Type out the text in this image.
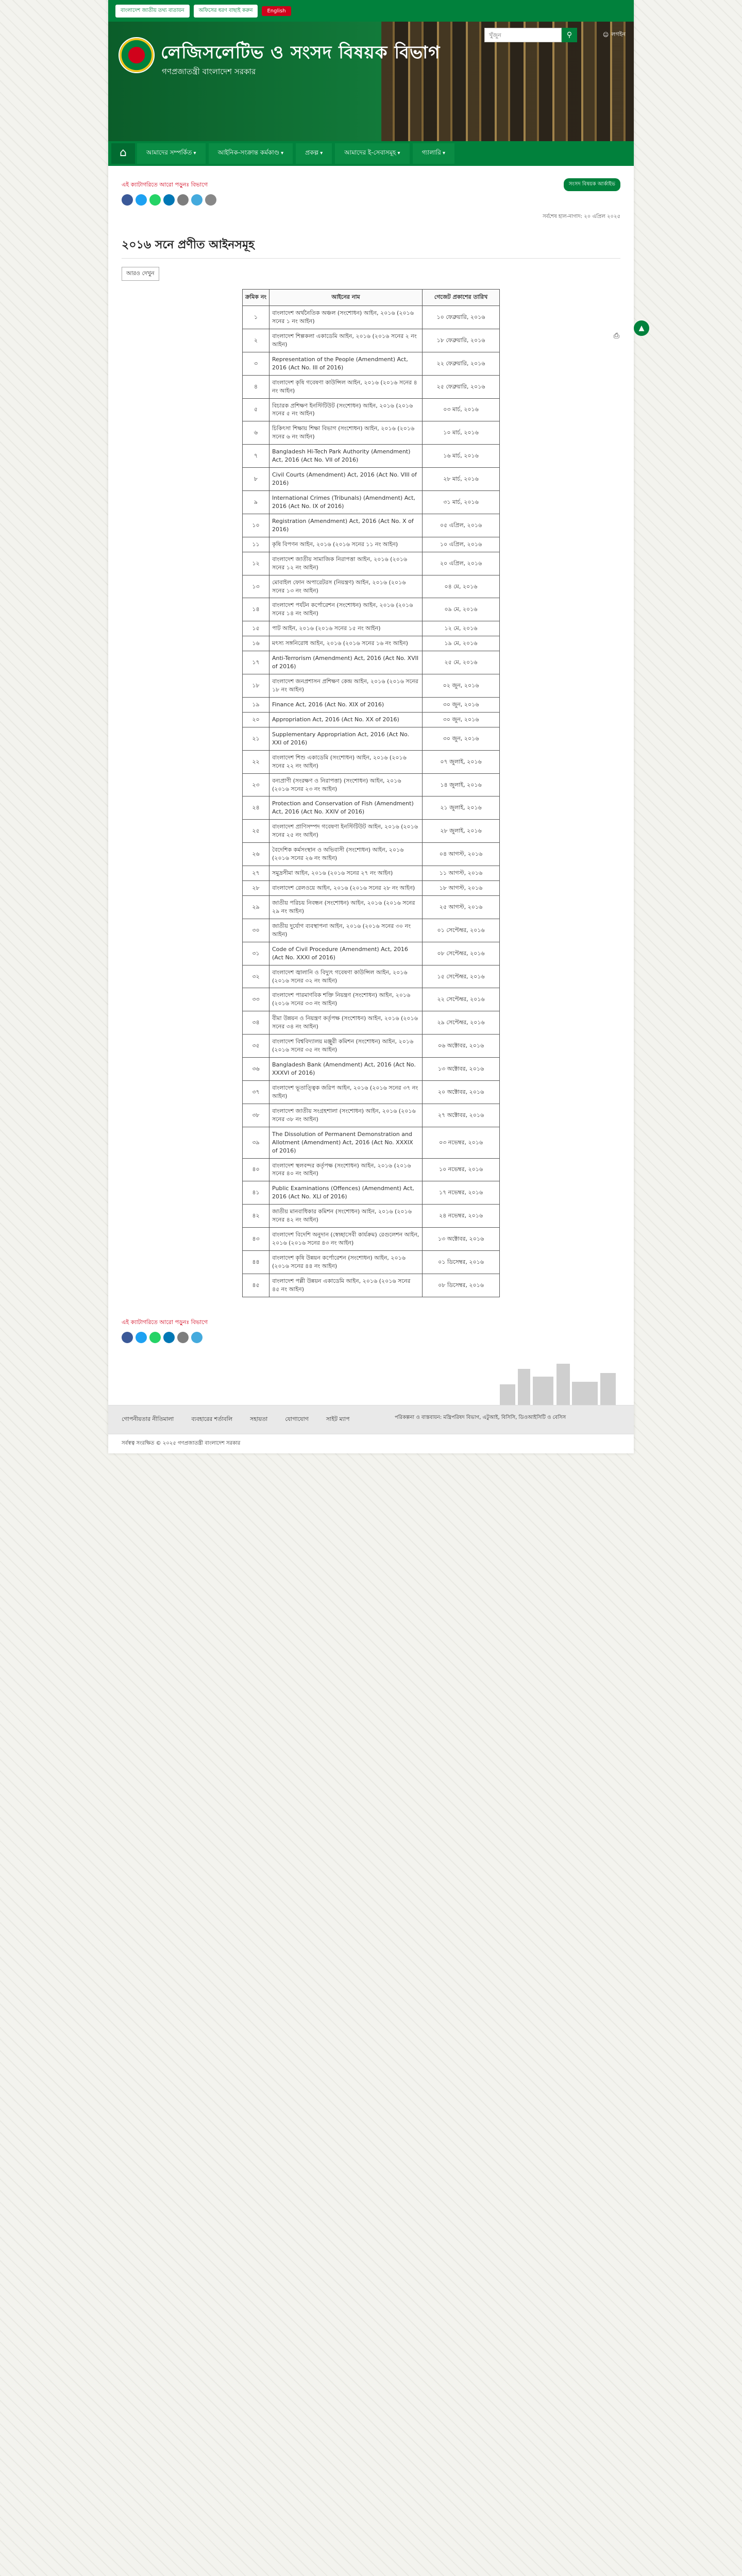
বাংলাদেশ জাতীয় তথ্য বাতায়ন	অফিসের ধরণ বাছাই করুন	English
লেজিসলেটিভ ও সংসদ বিষয়ক বিভাগ
গণপ্রজাতন্ত্রী বাংলাদেশ সরকার
খুঁজুন
⚲	☺ লগইন
⌂	আমাদের সম্পর্কিত ▾	আইনিক-সংক্রান্ত কর্মকাণ্ড ▾	প্রকল্প ▾	আমাদের ই-সেবাসমূহ ▾	গ্যালারি ▾
▲
এই ক্যাটাগরিতে আরো পড়ুনঃ বিভাগে	সংসদ বিষয়ক আর্কাইভ
সর্বশেষ হাল-নাগাদ: ২০ এপ্রিল ২০২৫
২০১৬ সনে প্রণীত আইনসমূহ
⎙
আরও দেখুন
ক্রমিক নং	আইনের নাম	গেজেট প্রকাশের তারিখ
১	বাংলাদেশ অর্থনৈতিক অঞ্চল (সংশোধন) আইন, ২০১৬ (২০১৬ সনের ১ নং আইন)	১০ ফেব্রুয়ারি, ২০১৬
২	বাংলাদেশ শিল্পকলা একাডেমি আইন, ২০১৬ (২০১৬ সনের ২ নং আইন)	১৮ ফেব্রুয়ারি, ২০১৬
৩	Representation of the People (Amendment) Act, 2016 (Act No. III of 2016)	২২ ফেব্রুয়ারি, ২০১৬
৪	বাংলাদেশ কৃষি গবেষণা কাউন্সিল আইন, ২০১৬ (২০১৬ সনের ৪ নং আইন)	২৫ ফেব্রুয়ারি, ২০১৬
৫	বিচারক প্রশিক্ষণ ইনস্টিটিউট (সংশোধন) আইন, ২০১৬ (২০১৬ সনের ৫ নং আইন)	০৩ মার্চ, ২০১৬
৬	চিকিৎসা শিক্ষায় শিক্ষা বিভাগ (সংশোধন) আইন, ২০১৬ (২০১৬ সনের ৬ নং আইন)	১০ মার্চ, ২০১৬
৭	Bangladesh Hi-Tech Park Authority (Amendment) Act, 2016 (Act No. VII of 2016)	১৬ মার্চ, ২০১৬
৮	Civil Courts (Amendment) Act, 2016 (Act No. VIII of 2016)	২৮ মার্চ, ২০১৬
৯	International Crimes (Tribunals) (Amendment) Act, 2016 (Act No. IX of 2016)	৩১ মার্চ, ২০১৬
১০	Registration (Amendment) Act, 2016 (Act No. X of 2016)	০৫ এপ্রিল, ২০১৬
১১	কৃষি বিপণন আইন, ২০১৬ (২০১৬ সনের ১১ নং আইন)	১০ এপ্রিল, ২০১৬
১২	বাংলাদেশ জাতীয় সামাজিক নিরাপত্তা আইন, ২০১৬ (২০১৬ সনের ১২ নং আইন)	২০ এপ্রিল, ২০১৬
১৩	মোবাইল ফোন অপারেটরস (নিয়ন্ত্রণ) আইন, ২০১৬ (২০১৬ সনের ১৩ নং আইন)	০৪ মে, ২০১৬
১৪	বাংলাদেশ পর্যটন কর্পোরেশন (সংশোধন) আইন, ২০১৬ (২০১৬ সনের ১৪ নং আইন)	০৯ মে, ২০১৬
১৫	পাট আইন, ২০১৬ (২০১৬ সনের ১৫ নং আইন)	১২ মে, ২০১৬
১৬	মৎস্য সঙ্গনিরোধ আইন, ২০১৬ (২০১৬ সনের ১৬ নং আইন)	১৯ মে, ২০১৬
১৭	Anti-Terrorism (Amendment) Act, 2016 (Act No. XVII of 2016)	২৫ মে, ২০১৬
১৮	বাংলাদেশ জনপ্রশাসন প্রশিক্ষণ কেন্দ্র আইন, ২০১৬ (২০১৬ সনের ১৮ নং আইন)	০২ জুন, ২০১৬
১৯	Finance Act, 2016 (Act No. XIX of 2016)	৩০ জুন, ২০১৬
২০	Appropriation Act, 2016 (Act No. XX of 2016)	৩০ জুন, ২০১৬
২১	Supplementary Appropriation Act, 2016 (Act No. XXI of 2016)	৩০ জুন, ২০১৬
২২	বাংলাদেশ শিশু একাডেমি (সংশোধন) আইন, ২০১৬ (২০১৬ সনের ২২ নং আইন)	০৭ জুলাই, ২০১৬
২৩	বন্যপ্রাণী (সংরক্ষণ ও নিরাপত্তা) (সংশোধন) আইন, ২০১৬ (২০১৬ সনের ২৩ নং আইন)	১৪ জুলাই, ২০১৬
২৪	Protection and Conservation of Fish (Amendment) Act, 2016 (Act No. XXIV of 2016)	২১ জুলাই, ২০১৬
২৫	বাংলাদেশ প্রাণিসম্পদ গবেষণা ইনস্টিটিউট আইন, ২০১৬ (২০১৬ সনের ২৫ নং আইন)	২৮ জুলাই, ২০১৬
২৬	বৈদেশিক কর্মসংস্থান ও অভিবাসী (সংশোধন) আইন, ২০১৬ (২০১৬ সনের ২৬ নং আইন)	০৪ আগস্ট, ২০১৬
২৭	সমুদ্রসীমা আইন, ২০১৬ (২০১৬ সনের ২৭ নং আইন)	১১ আগস্ট, ২০১৬
২৮	বাংলাদেশ রেলওয়ে আইন, ২০১৬ (২০১৬ সনের ২৮ নং আইন)	১৮ আগস্ট, ২০১৬
২৯	জাতীয় পরিচয় নিবন্ধন (সংশোধন) আইন, ২০১৬ (২০১৬ সনের ২৯ নং আইন)	২৫ আগস্ট, ২০১৬
৩০	জাতীয় দুর্যোগ ব্যবস্থাপনা আইন, ২০১৬ (২০১৬ সনের ৩০ নং আইন)	০১ সেপ্টেম্বর, ২০১৬
৩১	Code of Civil Procedure (Amendment) Act, 2016 (Act No. XXXI of 2016)	০৮ সেপ্টেম্বর, ২০১৬
৩২	বাংলাদেশ জ্বালানি ও বিদ্যুৎ গবেষণা কাউন্সিল আইন, ২০১৬ (২০১৬ সনের ৩২ নং আইন)	১৫ সেপ্টেম্বর, ২০১৬
৩৩	বাংলাদেশ পারমাণবিক শক্তি নিয়ন্ত্রণ (সংশোধন) আইন, ২০১৬ (২০১৬ সনের ৩৩ নং আইন)	২২ সেপ্টেম্বর, ২০১৬
৩৪	বীমা উন্নয়ন ও নিয়ন্ত্রণ কর্তৃপক্ষ (সংশোধন) আইন, ২০১৬ (২০১৬ সনের ৩৪ নং আইন)	২৯ সেপ্টেম্বর, ২০১৬
৩৫	বাংলাদেশ বিশ্ববিদ্যালয় মঞ্জুরী কমিশন (সংশোধন) আইন, ২০১৬ (২০১৬ সনের ৩৫ নং আইন)	০৬ অক্টোবর, ২০১৬
৩৬	Bangladesh Bank (Amendment) Act, 2016 (Act No. XXXVI of 2016)	১৩ অক্টোবর, ২০১৬
৩৭	বাংলাদেশ ভূতাত্ত্বিক জরিপ আইন, ২০১৬ (২০১৬ সনের ৩৭ নং আইন)	২০ অক্টোবর, ২০১৬
৩৮	বাংলাদেশ জাতীয় সংগ্রহশালা (সংশোধন) আইন, ২০১৬ (২০১৬ সনের ৩৮ নং আইন)	২৭ অক্টোবর, ২০১৬
৩৯	The Dissolution of Permanent Demonstration and Allotment (Amendment) Act, 2016 (Act No. XXXIX of 2016)	০৩ নভেম্বর, ২০১৬
৪০	বাংলাদেশ স্থলবন্দর কর্তৃপক্ষ (সংশোধন) আইন, ২০১৬ (২০১৬ সনের ৪০ নং আইন)	১০ নভেম্বর, ২০১৬
৪১	Public Examinations (Offences) (Amendment) Act, 2016 (Act No. XLI of 2016)	১৭ নভেম্বর, ২০১৬
৪২	জাতীয় মানবাধিকার কমিশন (সংশোধন) আইন, ২০১৬ (২০১৬ সনের ৪২ নং আইন)	২৪ নভেম্বর, ২০১৬
৪৩	বাংলাদেশ বিদেশি অনুদান (স্বেচ্ছাসেবী কার্যক্রম) রেগুলেশন আইন, ২০১৬ (২০১৬ সনের ৪৩ নং আইন)	১৩ অক্টোবর, ২০১৬
৪৪	বাংলাদেশ কৃষি উন্নয়ন কর্পোরেশন (সংশোধন) আইন, ২০১৬ (২০১৬ সনের ৪৪ নং আইন)	০১ ডিসেম্বর, ২০১৬
৪৫	বাংলাদেশ পল্লী উন্নয়ন একাডেমি আইন, ২০১৬ (২০১৬ সনের ৪৫ নং আইন)	০৮ ডিসেম্বর, ২০১৬
এই ক্যাটাগরিতে আরো পড়ুনঃ বিভাগে
গোপনীয়তার নীতিমালা	ব্যবহারের শর্তাবলি	সহায়তা	যোগাযোগ	সাইট ম্যাপ	পরিকল্পনা ও বাস্তবায়ন: মন্ত্রিপরিষদ বিভাগ, এটুআই, বিসিসি, ডিওআইসিটি ও বেসিস
সর্বস্বত্ব সংরক্ষিত © ২০২৫ গণপ্রজাতন্ত্রী বাংলাদেশ সরকার
